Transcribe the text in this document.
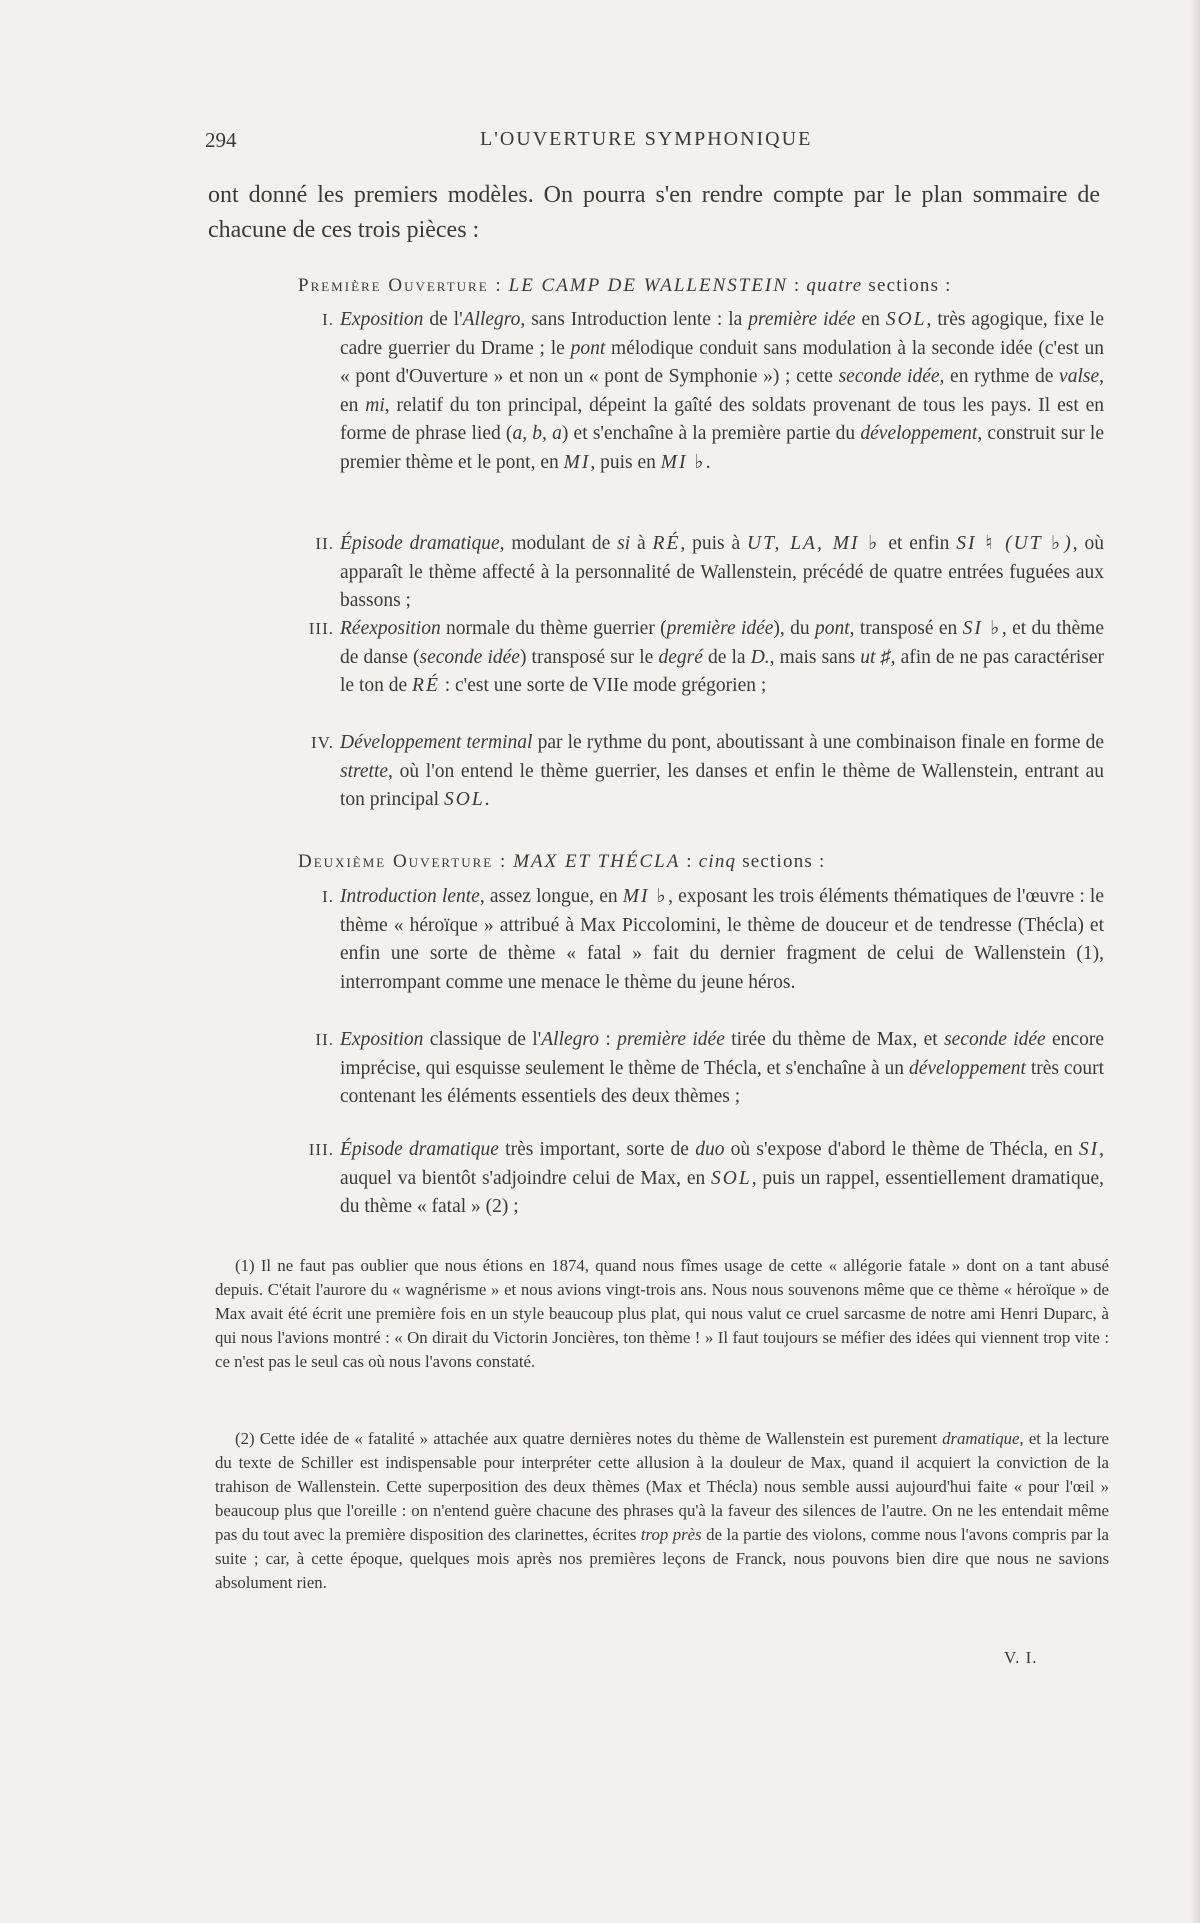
294	L'OUVERTURE SYMPHONIQUE

ont donné les premiers modèles. On pourra s'en rendre compte par le plan sommaire de chacune de ces trois pièces :

Première Ouverture : LE CAMP DE WALLENSTEIN : quatre sections :
I. Exposition de l'Allegro, sans Introduction lente : la première idée en SOL, très agogique, fixe le cadre guerrier du Drame ; le pont mélodique conduit sans modulation à la seconde idée (c'est un « pont d'Ouverture » et non un « pont de Symphonie ») ; cette seconde idée, en rythme de valse, en mi, relatif du ton principal, dépeint la gaîté des soldats provenant de tous les pays. Il est en forme de phrase lied (a, b, a) et s'enchaîne à la première partie du développement, construit sur le premier thème et le pont, en MI, puis en MI ♭.
II. Épisode dramatique, modulant de si à RÉ, puis à UT, LA, MI ♭ et enfin SI ♮ (UT ♭), où apparaît le thème affecté à la personnalité de Wallenstein, précédé de quatre entrées fuguées aux bassons ;
III. Réexposition normale du thème guerrier (première idée), du pont, transposé en SI ♭, et du thème de danse (seconde idée) transposé sur le degré de la D., mais sans ut ♯, afin de ne pas caractériser le ton de RÉ : c'est une sorte de VIIe mode grégorien ;
IV. Développement terminal par le rythme du pont, aboutissant à une combinaison finale en forme de strette, où l'on entend le thème guerrier, les danses et enfin le thème de Wallenstein, entrant au ton principal SOL.
Deuxième Ouverture : MAX ET THÉCLA : cinq sections :
I. Introduction lente, assez longue, en MI ♭, exposant les trois éléments thématiques de l'œuvre : le thème « héroïque » attribué à Max Piccolomini, le thème de douceur et de tendresse (Thécla) et enfin une sorte de thème « fatal » fait du dernier fragment de celui de Wallenstein (1), interrompant comme une menace le thème du jeune héros.
II. Exposition classique de l'Allegro : première idée tirée du thème de Max, et seconde idée encore imprécise, qui esquisse seulement le thème de Thécla, et s'enchaîne à un développement très court contenant les éléments essentiels des deux thèmes ;
III. Épisode dramatique très important, sorte de duo où s'expose d'abord le thème de Thécla, en SI, auquel va bientôt s'adjoindre celui de Max, en SOL, puis un rappel, essentiellement dramatique, du thème « fatal » (2) ;
(1) Il ne faut pas oublier que nous étions en 1874, quand nous fîmes usage de cette « allégorie fatale » dont on a tant abusé depuis. C'était l'aurore du « wagnérisme » et nous avions vingt-trois ans. Nous nous souvenons même que ce thème « héroïque » de Max avait été écrit une première fois en un style beaucoup plus plat, qui nous valut ce cruel sarcasme de notre ami Henri Duparc, à qui nous l'avions montré : « On dirait du Victorin Joncières, ton thème ! » Il faut toujours se méfier des idées qui viennent trop vite : ce n'est pas le seul cas où nous l'avons constaté.
(2) Cette idée de « fatalité » attachée aux quatre dernières notes du thème de Wallenstein est purement dramatique, et la lecture du texte de Schiller est indispensable pour interpréter cette allusion à la douleur de Max, quand il acquiert la conviction de la trahison de Wallenstein. Cette superposition des deux thèmes (Max et Thécla) nous semble aussi aujourd'hui faite « pour l'œil » beaucoup plus que l'oreille : on n'entend guère chacune des phrases qu'à la faveur des silences de l'autre. On ne les entendait même pas du tout avec la première disposition des clarinettes, écrites trop près de la partie des violons, comme nous l'avons compris par la suite ; car, à cette époque, quelques mois après nos premières leçons de Franck, nous pouvons bien dire que nous ne savions absolument rien.
V. I.
